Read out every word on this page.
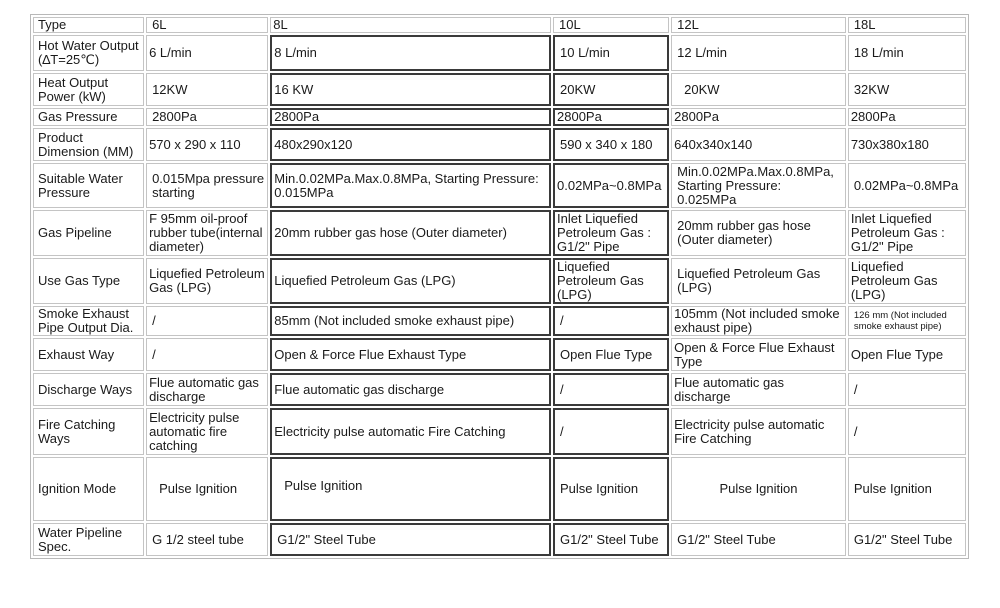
Type	6L	8L	10L	12L	18L
Hot Water Output (∆T=25℃)	6 L/min	8 L/min	10 L/min	12 L/min	18 L/min
Heat Output Power (kW)	12KW	16 KW	20KW	20KW	32KW
Gas Pressure	2800Pa	2800Pa	2800Pa	2800Pa	2800Pa
Product Dimension (MM)	570 x 290 x 110	480x290x120	590 x 340 x 180	640x340x140	730x380x180
Suitable Water Pressure	0.015Mpa pressure starting	Min.0.02MPa.Max.0.8MPa, Starting Pressure: 0.015MPa	0.02MPa~0.8MPa	Min.0.02MPa.Max.0.8MPa, Starting Pressure: 0.025MPa	0.02MPa~0.8MPa
Gas Pipeline	F 95mm oil-proof rubber tube(internal diameter)	20mm rubber gas hose (Outer diameter)	Inlet Liquefied Petroleum Gas : G1/2" Pipe	20mm rubber gas hose (Outer diameter)	Inlet Liquefied Petroleum Gas : G1/2" Pipe
Use Gas Type	Liquefied Petroleum Gas (LPG)	Liquefied Petroleum Gas (LPG)	Liquefied Petroleum Gas (LPG)	Liquefied Petroleum Gas (LPG)	Liquefied Petroleum Gas (LPG)
Smoke Exhaust Pipe Output Dia.	/	85mm (Not included smoke exhaust pipe)	/	105mm (Not included smoke exhaust pipe)	126 mm (Not included smoke exhaust pipe)
Exhaust Way	/	Open & Force Flue Exhaust Type	Open Flue Type	Open & Force Flue Exhaust Type	Open Flue Type
Discharge Ways	Flue automatic gas discharge	Flue automatic gas discharge	/	Flue automatic gas discharge	/
Fire Catching Ways	Electricity pulse automatic fire catching	Electricity pulse automatic Fire Catching	/	Electricity pulse automatic Fire Catching	/
Ignition Mode	Pulse Ignition	Pulse Ignition	Pulse Ignition	Pulse Ignition	Pulse Ignition
Water Pipeline Spec.	G 1/2 steel tube	G1/2" Steel Tube	G1/2" Steel Tube	G1/2" Steel Tube	G1/2" Steel Tube
